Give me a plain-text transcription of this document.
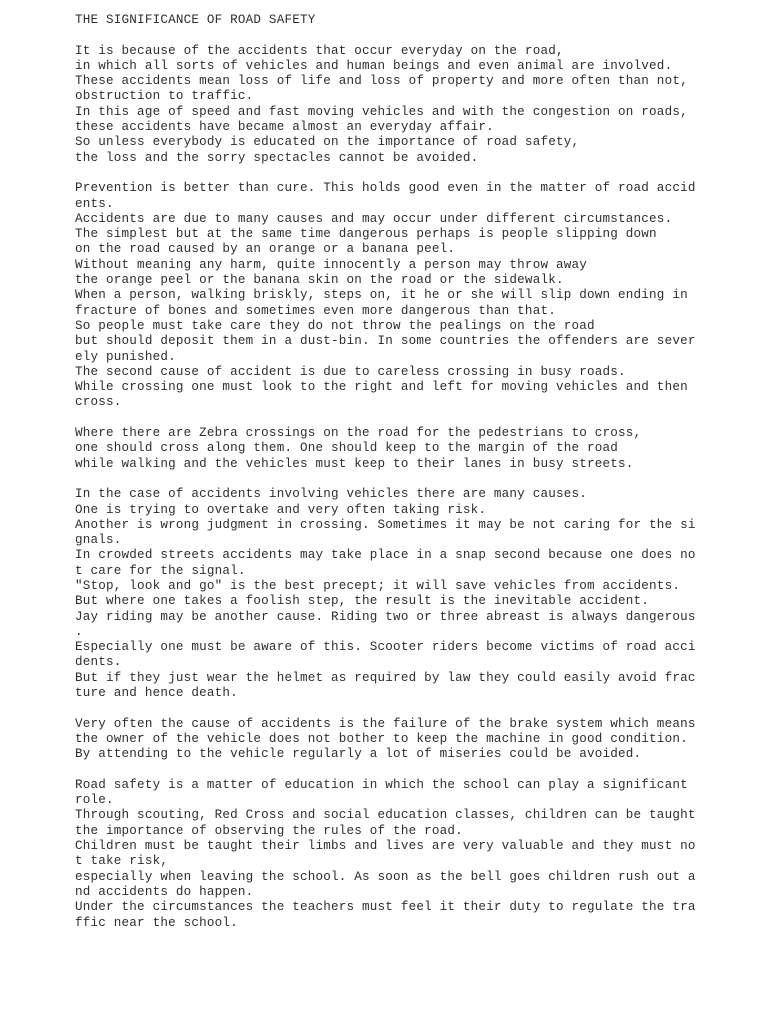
THE SIGNIFICANCE OF ROAD SAFETY
It is because of the accidents that occur everyday on the road,
in which all sorts of vehicles and human beings and even animal are involved.
These accidents mean loss of life and loss of property and more often than not,
obstruction to traffic.
In this age of speed and fast moving vehicles and with the congestion on roads,
these accidents have became almost an everyday affair.
So unless everybody is educated on the importance of road safety,
the loss and the sorry spectacles cannot be avoided.
Prevention is better than cure. This holds good even in the matter of road accid
ents.
Accidents are due to many causes and may occur under different circumstances.
The simplest but at the same time dangerous perhaps is people slipping down
on the road caused by an orange or a banana peel.
Without meaning any harm, quite innocently a person may throw away
the orange peel or the banana skin on the road or the sidewalk.
When a person, walking briskly, steps on, it he or she will slip down ending in
fracture of bones and sometimes even more dangerous than that.
So people must take care they do not throw the pealings on the road
but should deposit them in a dust-bin. In some countries the offenders are sever
ely punished.
The second cause of accident is due to careless crossing in busy roads.
While crossing one must look to the right and left for moving vehicles and then
cross.
Where there are Zebra crossings on the road for the pedestrians to cross,
one should cross along them. One should keep to the margin of the road
while walking and the vehicles must keep to their lanes in busy streets.
In the case of accidents involving vehicles there are many causes.
One is trying to overtake and very often taking risk.
Another is wrong judgment in crossing. Sometimes it may be not caring for the si
gnals.
In crowded streets accidents may take place in a snap second because one does no
t care for the signal.
"Stop, look and go" is the best precept; it will save vehicles from accidents.
But where one takes a foolish step, the result is the inevitable accident.
Jay riding may be another cause. Riding two or three abreast is always dangerous
.
Especially one must be aware of this. Scooter riders become victims of road acci
dents.
But if they just wear the helmet as required by law they could easily avoid frac
ture and hence death.
Very often the cause of accidents is the failure of the brake system which means
the owner of the vehicle does not bother to keep the machine in good condition.
By attending to the vehicle regularly a lot of miseries could be avoided.
Road safety is a matter of education in which the school can play a significant
role.
Through scouting, Red Cross and social education classes, children can be taught
the importance of observing the rules of the road.
Children must be taught their limbs and lives are very valuable and they must no
t take risk,
especially when leaving the school. As soon as the bell goes children rush out a
nd accidents do happen.
Under the circumstances the teachers must feel it their duty to regulate the tra
ffic near the school.
